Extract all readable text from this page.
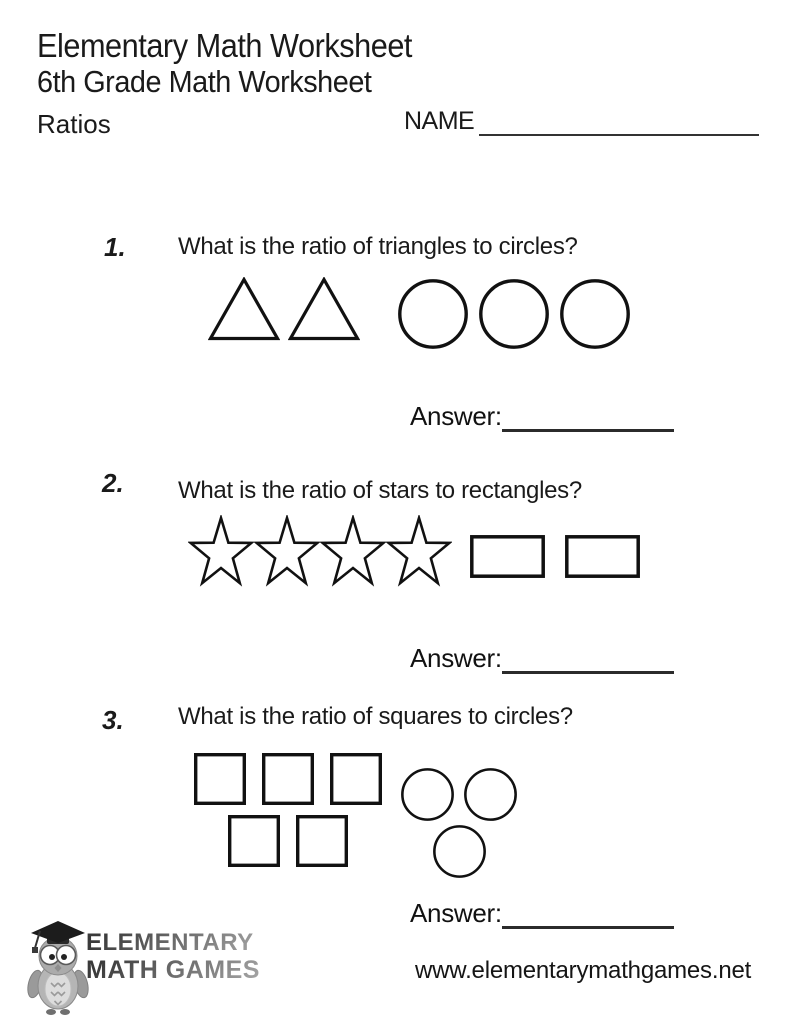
Elementary Math Worksheet
6th Grade Math Worksheet
Ratios	NAME
1. What is the ratio of triangles to circles?
Answer:
2. What is the ratio of stars to rectangles?
Answer:
3. What is the ratio of squares to circles?
Answer:
ELEMENTARY
MATH GAMES	www.elementarymathgames.net
